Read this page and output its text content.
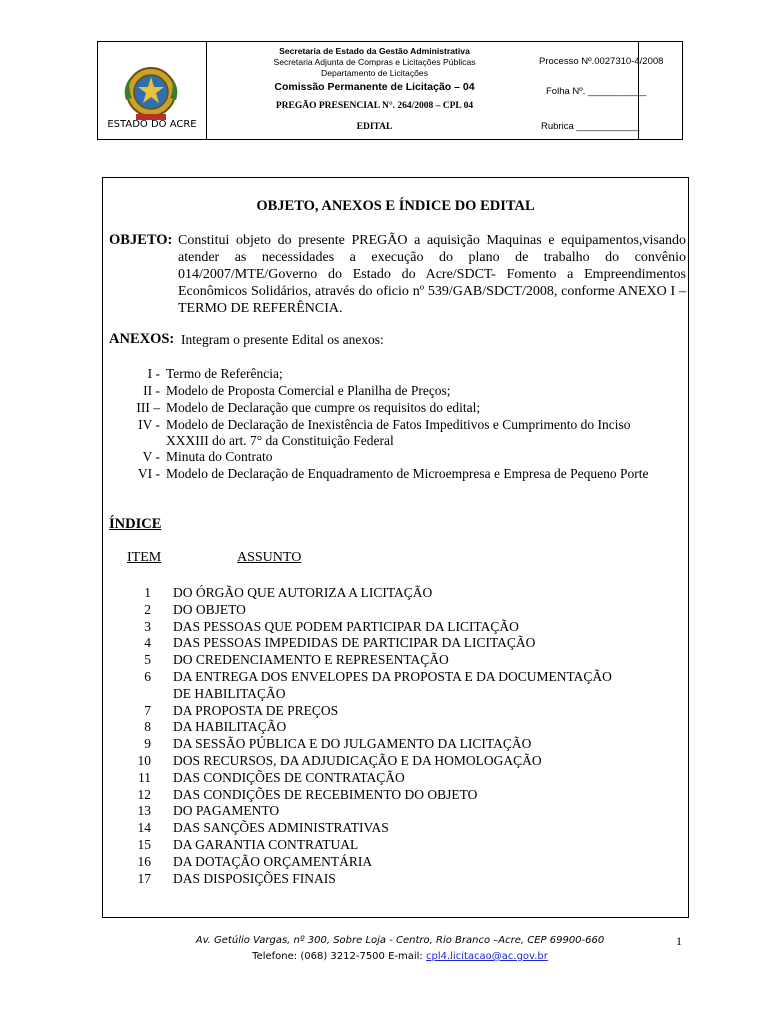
ESTADO DO ACRE
Secretaria de Estado da Gestão Administrativa
Secretaria Adjunta de Compras e Licitações Públicas
Departamento de Licitações
Comissão Permanente de Licitação – 04
PREGÃO PRESENCIAL N°. 264/2008 – CPL 04
EDITAL
Processo Nº.0027310-4/2008
Folha Nº. ___________
Rubrica ____________
OBJETO, ANEXOS E ÍNDICE DO EDITAL
OBJETO: Constitui objeto do presente PREGÃO a aquisição Maquinas e equipamentos,visando atender as necessidades a execução do plano de trabalho do convênio 014/2007/MTE/Governo do Estado do Acre/SDCT- Fomento a Empreendimentos Econômicos Solidários, através do oficio nº 539/GAB/SDCT/2008, conforme ANEXO I – TERMO DE REFERÊNCIA.
ANEXOS: Integram o presente Edital os anexos:
I - Termo de Referência;
II - Modelo de Proposta Comercial e Planilha de Preços;
III – Modelo de Declaração que cumpre os requisitos do edital;
IV - Modelo de Declaração de Inexistência de Fatos Impeditivos e Cumprimento do Inciso
XXXIII do art. 7° da Constituição Federal
V - Minuta do Contrato
VI - Modelo de Declaração de Enquadramento de Microempresa e Empresa de Pequeno Porte
ÍNDICE
ITEM	ASSUNTO
1 DO ÓRGÃO QUE AUTORIZA A LICITAÇÃO
2 DO OBJETO
3 DAS PESSOAS QUE PODEM PARTICIPAR DA LICITAÇÃO
4 DAS PESSOAS IMPEDIDAS DE PARTICIPAR DA LICITAÇÃO
5 DO CREDENCIAMENTO E REPRESENTAÇÃO
6 DA ENTREGA DOS ENVELOPES DA PROPOSTA E DA DOCUMENTAÇÃO
DE HABILITAÇÃO
7 DA PROPOSTA DE PREÇOS
8 DA HABILITAÇÃO
9 DA SESSÃO PÚBLICA E DO JULGAMENTO DA LICITAÇÃO
10 DOS RECURSOS, DA ADJUDICAÇÃO E DA HOMOLOGAÇÃO
11 DAS CONDIÇÕES DE CONTRATAÇÃO
12 DAS CONDIÇÕES DE RECEBIMENTO DO OBJETO
13 DO PAGAMENTO
14 DAS SANÇÕES ADMINISTRATIVAS
15 DA GARANTIA CONTRATUAL
16 DA DOTAÇÃO ORÇAMENTÁRIA
17 DAS DISPOSIÇÕES FINAIS
Av. Getúlio Vargas, nº 300, Sobre Loja - Centro, Rio Branco –Acre, CEP 69900-660
Telefone: (068) 3212-7500 E-mail: cpl4.licitacao@ac.gov.br
1
